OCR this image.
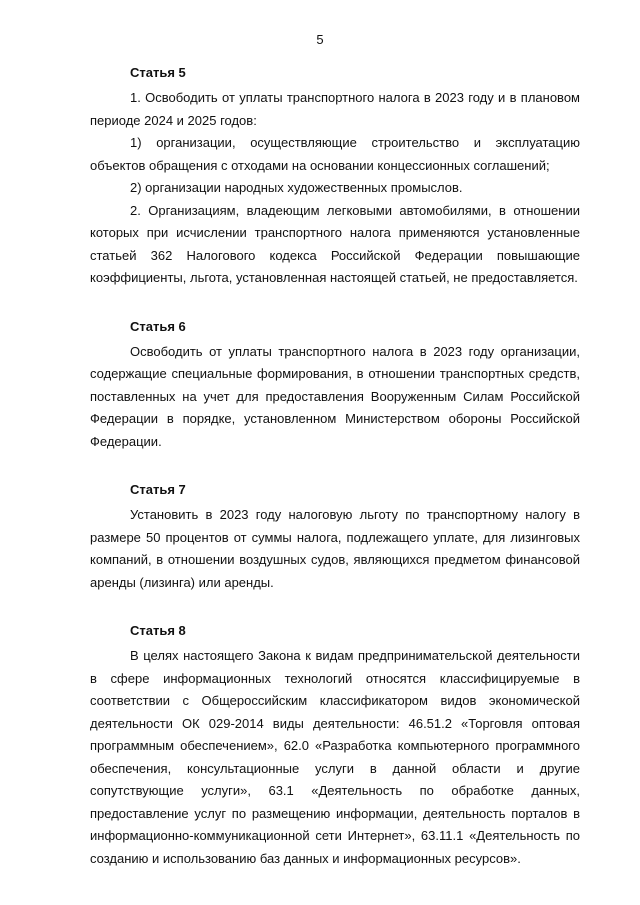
5
Статья 5

1. Освободить от уплаты транспортного налога в 2023 году и в плановом периоде 2024 и 2025 годов:

1) организации, осуществляющие строительство и эксплуатацию объектов обращения с отходами на основании концессионных соглашений;

2) организации народных художественных промыслов.

2. Организациям, владеющим легковыми автомобилями, в отношении которых при исчислении транспортного налога применяются установленные статьей 362 Налогового кодекса Российской Федерации повышающие коэффициенты, льгота, установленная настоящей статьей, не предоставляется.

Статья 6

Освободить от уплаты транспортного налога в 2023 году организации, содержащие специальные формирования, в отношении транспортных средств, поставленных на учет для предоставления Вооруженным Силам Российской Федерации в порядке, установленном Министерством обороны Российской Федерации.

Статья 7

Установить в 2023 году налоговую льготу по транспортному налогу в размере 50 процентов от суммы налога, подлежащего уплате, для лизинговых компаний, в отношении воздушных судов, являющихся предметом финансовой аренды (лизинга) или аренды.

Статья 8

В целях настоящего Закона к видам предпринимательской деятельности в сфере информационных технологий относятся классифицируемые в соответствии с Общероссийским классификатором видов экономической деятельности ОК 029-2014 виды деятельности: 46.51.2 «Торговля оптовая программным обеспечением», 62.0 «Разработка компьютерного программного обеспечения, консультационные услуги в данной области и другие сопутствующие услуги», 63.1 «Деятельность по обработке данных, предоставление услуг по размещению информации, деятельность порталов в информационно-коммуникационной сети Интернет», 63.11.1 «Деятельность по созданию и использованию баз данных и информационных ресурсов».
